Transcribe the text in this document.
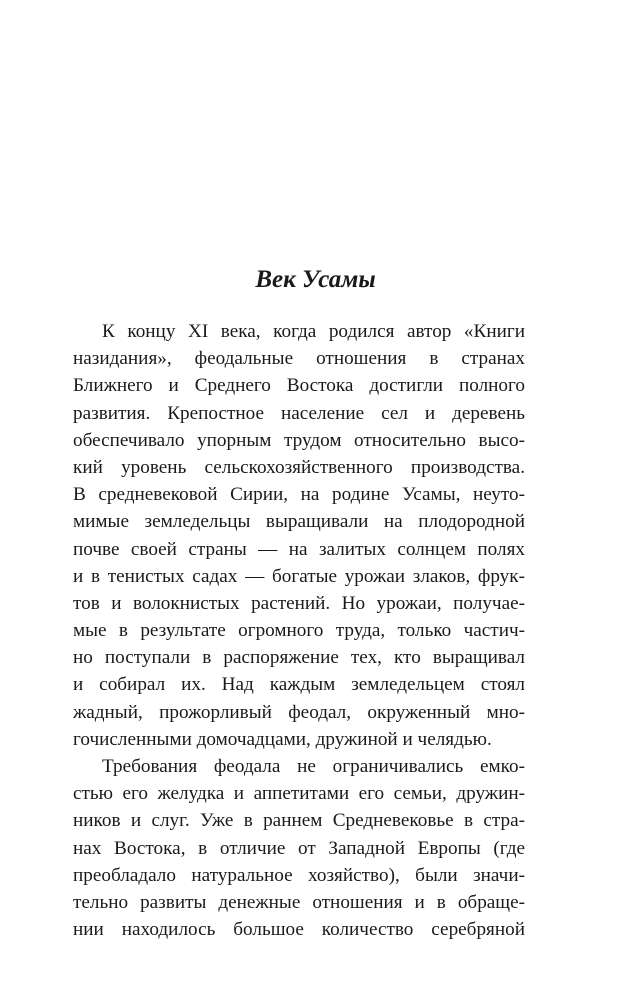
Век Усамы
К концу XI века, когда родился автор «Книги
назидания», феодальные отношения в странах
Ближнего и Среднего Востока достигли полного
развития. Крепостное население сел и деревень
обеспечивало упорным трудом относительно высо-
кий уровень сельскохозяйственного производства.
В средневековой Сирии, на родине Усамы, неуто-
мимые земледельцы выращивали на плодородной
почве своей страны — на залитых солнцем полях
и в тенистых садах — богатые урожаи злаков, фрук-
тов и волокнистых растений. Но урожаи, получае-
мые в результате огромного труда, только частич-
но поступали в распоряжение тех, кто выращивал
и собирал их. Над каждым земледельцем стоял
жадный, прожорливый феодал, окруженный мно-
гочисленными домочадцами, дружиной и челядью.
Требования феодала не ограничивались емко-
стью его желудка и аппетитами его семьи, дружин-
ников и слуг. Уже в раннем Средневековье в стра-
нах Востока, в отличие от Западной Европы (где
преобладало натуральное хозяйство), были значи-
тельно развиты денежные отношения и в обраще-
нии находилось большое количество серебряной
